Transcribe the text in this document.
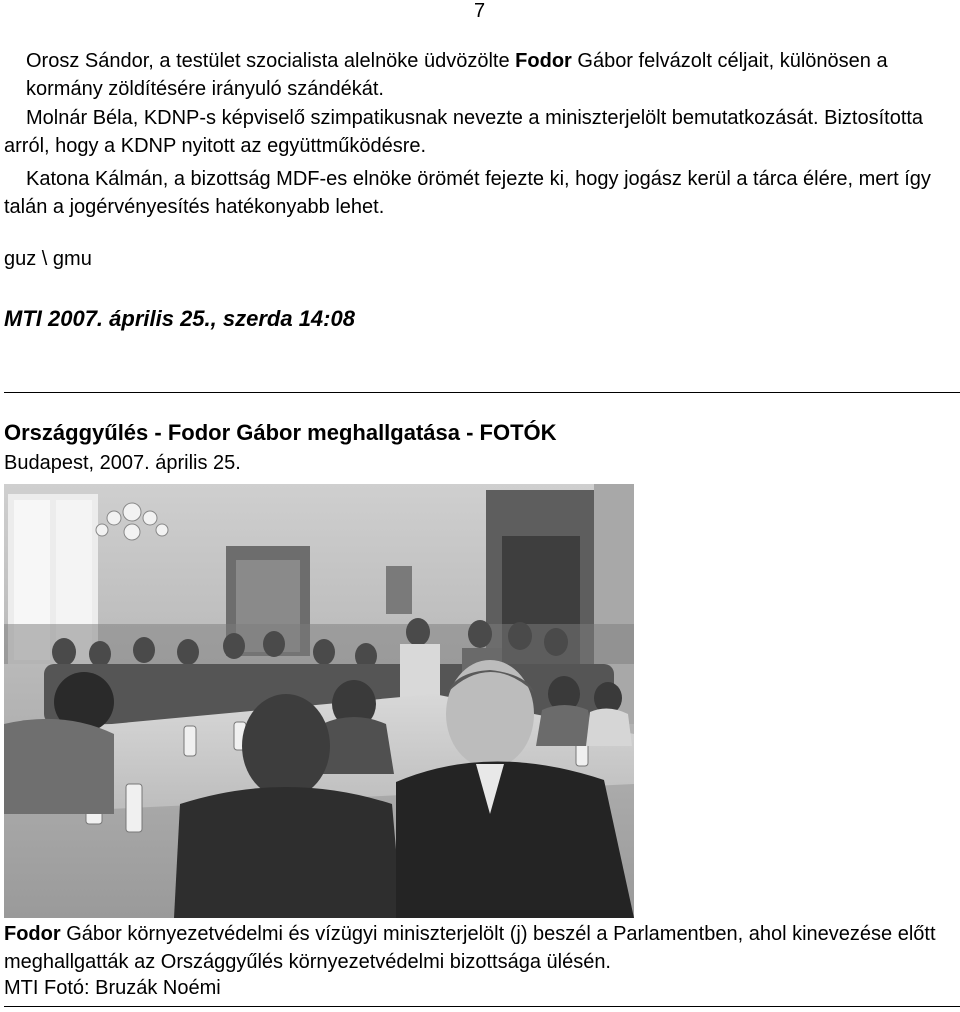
7

Orosz Sándor, a testület szocialista alelnöke üdvözölte Fodor Gábor felvázolt céljait, különösen a kormány zöldítésére irányuló szándékát.

Molnár Béla, KDNP-s képviselő szimpatikusnak nevezte a miniszterjelölt bemutatkozását. Biztosította arról, hogy a KDNP nyitott az együttműködésre.

Katona Kálmán, a bizottság MDF-es elnöke örömét fejezte ki, hogy jogász kerül a tárca élére, mert így talán a jogérvényesítés hatékonyabb lehet.

guz \ gmu
MTI 2007. április 25., szerda 14:08
Országgyűlés - Fodor Gábor meghallgatása - FOTÓK
Budapest, 2007. április 25.

Fodor Gábor környezetvédelmi és vízügyi miniszterjelölt (j) beszél a Parlamentben, ahol kinevezése előtt meghallgatták az Országgyűlés környezetvédelmi bizottsága ülésén.

MTI Fotó: Bruzák Noémi
